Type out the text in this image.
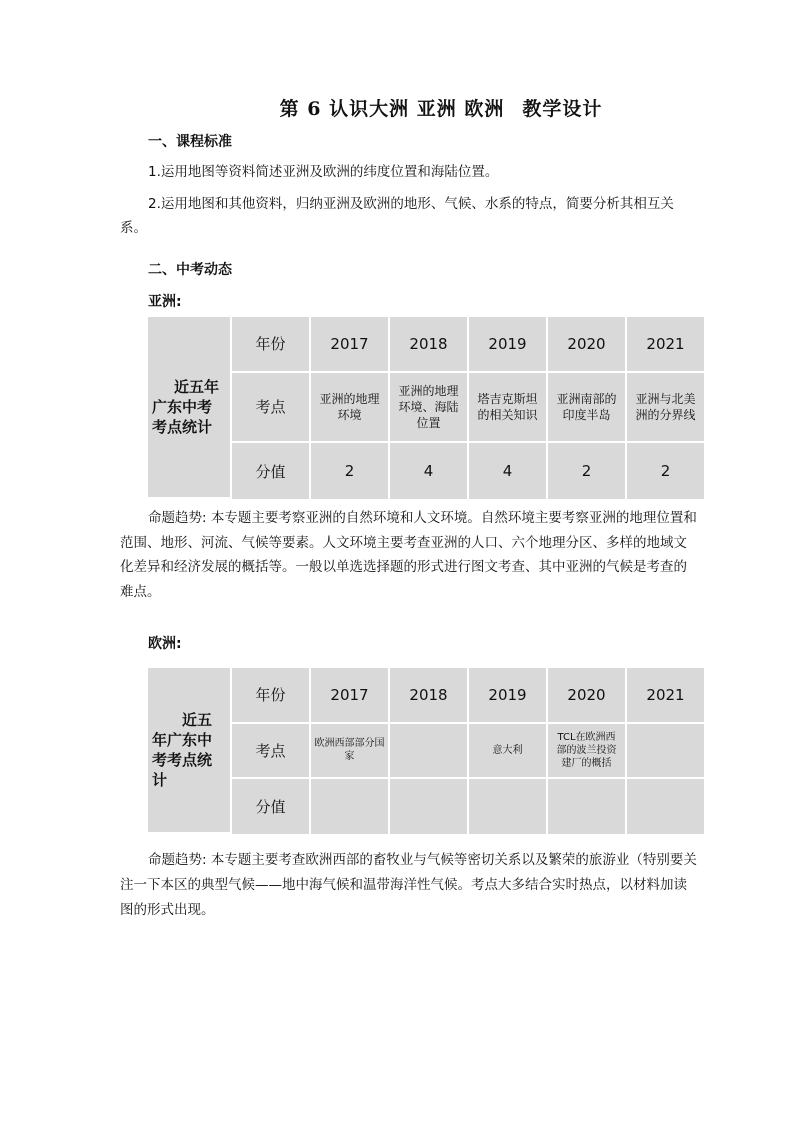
第 6 认识大洲 亚洲 欧洲 教学设计
一、课程标准
1.运用地图等资料简述亚洲及欧洲的纬度位置和海陆位置。
2.运用地图和其他资料，归纳亚洲及欧洲的地形、气候、水系的特点，简要分析其相互关系。
二、中考动态
亚洲:
近五年广东中考考点统计	年份	2017	2018	2019	2020	2021
	考点	亚洲的地理环境	亚洲的地理环境、海陆位置	塔吉克斯坦的相关知识	亚洲南部的印度半岛	亚洲与北美洲的分界线

	分值	2	4	4	2	2
命题趋势: 本专题主要考察亚洲的自然环境和人文环境。自然环境主要考察亚洲的地理位置和范围、地形、河流、气候等要素。人文环境主要考查亚洲的人口、六个地理分区、多样的地域文化差异和经济发展的概括等。一般以单选选择题的形式进行图文考查、其中亚洲的气候是考查的难点。
欧洲:
近五年广东中考考点统计	年份	2017	2018	2019	2020	2021
	考点	欧洲西部部分国家		意大利	TCL在欧洲西部的波兰投资建厂的概括	

	分值					
命题趋势: 本专题主要考查欧洲西部的畜牧业与气候等密切关系以及繁荣的旅游业（特别要关注一下本区的典型气候——地中海气候和温带海洋性气候。考点大多结合实时热点，以材料加读图的形式出现。
